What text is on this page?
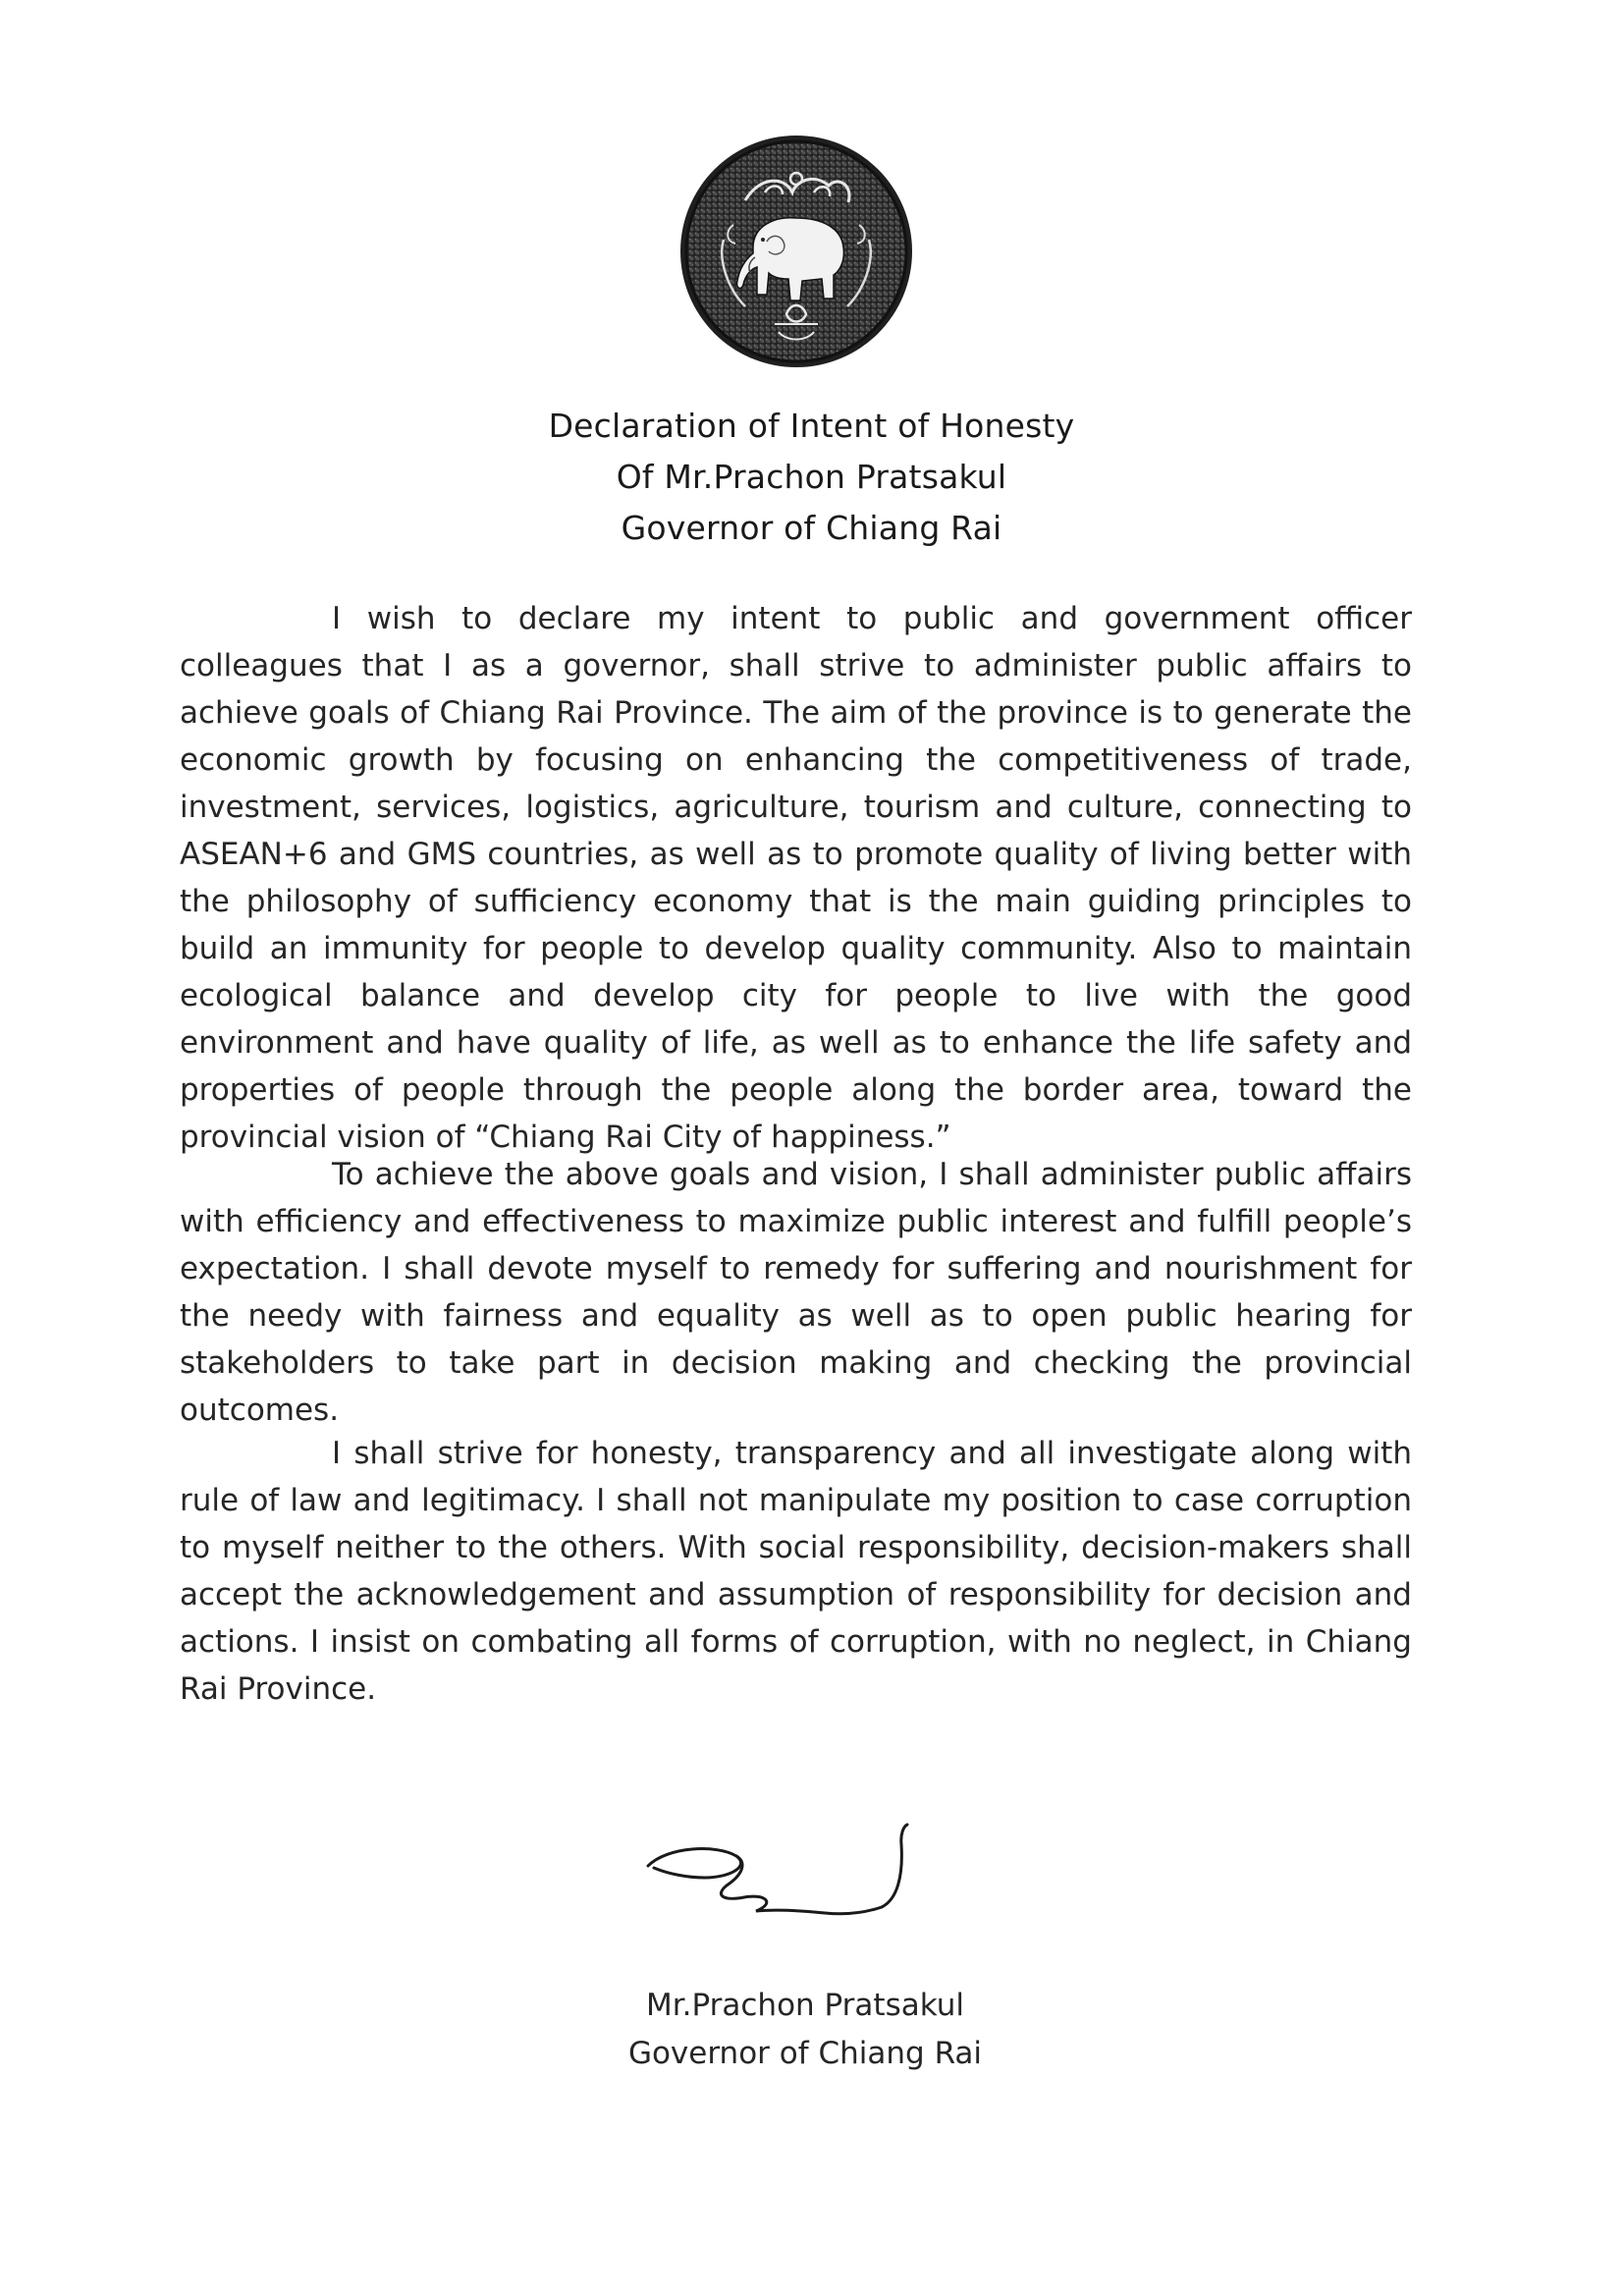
Declaration of Intent of Honesty
Of Mr.Prachon Pratsakul
Governor of Chiang Rai

I wish to declare my intent to public and government officer colleagues that I as a governor, shall strive to administer public affairs to achieve goals of Chiang Rai Province. The aim of the province is to generate the economic growth by focusing on enhancing the competitiveness of trade, investment, services, logistics, agriculture, tourism and culture, connecting to ASEAN+6 and GMS countries, as well as to promote quality of living better with the philosophy of sufficiency economy that is the main guiding principles to build an immunity for people to develop quality community. Also to maintain ecological balance and develop city for people to live with the good environment and have quality of life, as well as to enhance the life safety and properties of people through the people along the border area, toward the provincial vision of “Chiang Rai City of happiness.”

To achieve the above goals and vision, I shall administer public affairs with efficiency and effectiveness to maximize public interest and fulfill people’s expectation. I shall devote myself to remedy for suffering and nourishment for the needy with fairness and equality as well as to open public hearing for stakeholders to take part in decision making and checking the provincial outcomes.

I shall strive for honesty, transparency and all investigate along with rule of law and legitimacy. I shall not manipulate my position to case corruption to myself neither to the others. With social responsibility, decision-makers shall accept the acknowledgement and assumption of responsibility for decision and actions. I insist on combating all forms of corruption, with no neglect, in Chiang Rai Province.

Mr.Prachon Pratsakul
Governor of Chiang Rai
